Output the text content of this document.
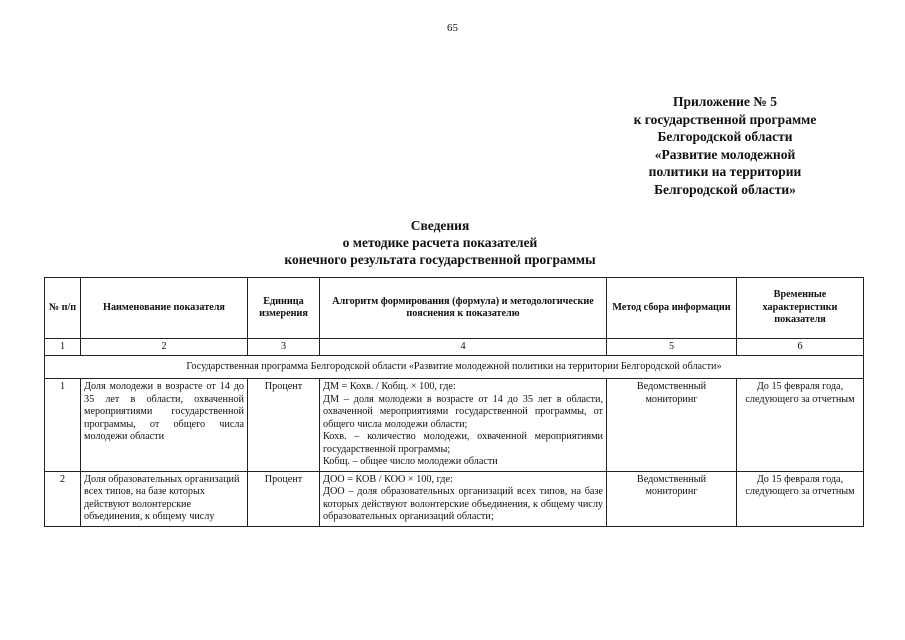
65
Приложение № 5
к государственной программе
Белгородской области
«Развитие молодежной
политики на территории
Белгородской области»
Сведения
о методике расчета показателей
конечного результата государственной программы
№ п/п	Наименование показателя	Единица измерения	Алгоритм формирования (формула) и методологические пояснения к показателю	Метод сбора информации	Временные характеристики показателя
1	2	3	4	5	6
Государственная программа Белгородской области «Развитие молодежной политики на территории Белгородской области»					
1	Доля молодежи в возрасте от 14 до 35 лет в области, охваченной мероприятиями государственной программы, от общего числа молодежи области	Процент	ДМ = Кохв. / Кобщ. × 100, где:
ДМ – доля молодежи в возрасте от 14 до 35 лет в области, охваченной мероприятиями государственной программы, от общего числа молодежи области;
Кохв. – количество молодежи, охваченной мероприятиями государственной программы;
Кобщ. – общее число молодежи области	Ведомственный мониторинг	До 15 февраля года, следующего за отчетным
2	Доля образовательных организаций всех типов, на базе которых действуют волонтерские объединения, к общему числу	Процент	ДОО = КОВ / КОО × 100, где:
ДОО – доля образовательных организаций всех типов, на базе которых действуют волонтерские объединения, к общему числу образовательных организаций области;	Ведомственный мониторинг	До 15 февраля года, следующего за отчетным
